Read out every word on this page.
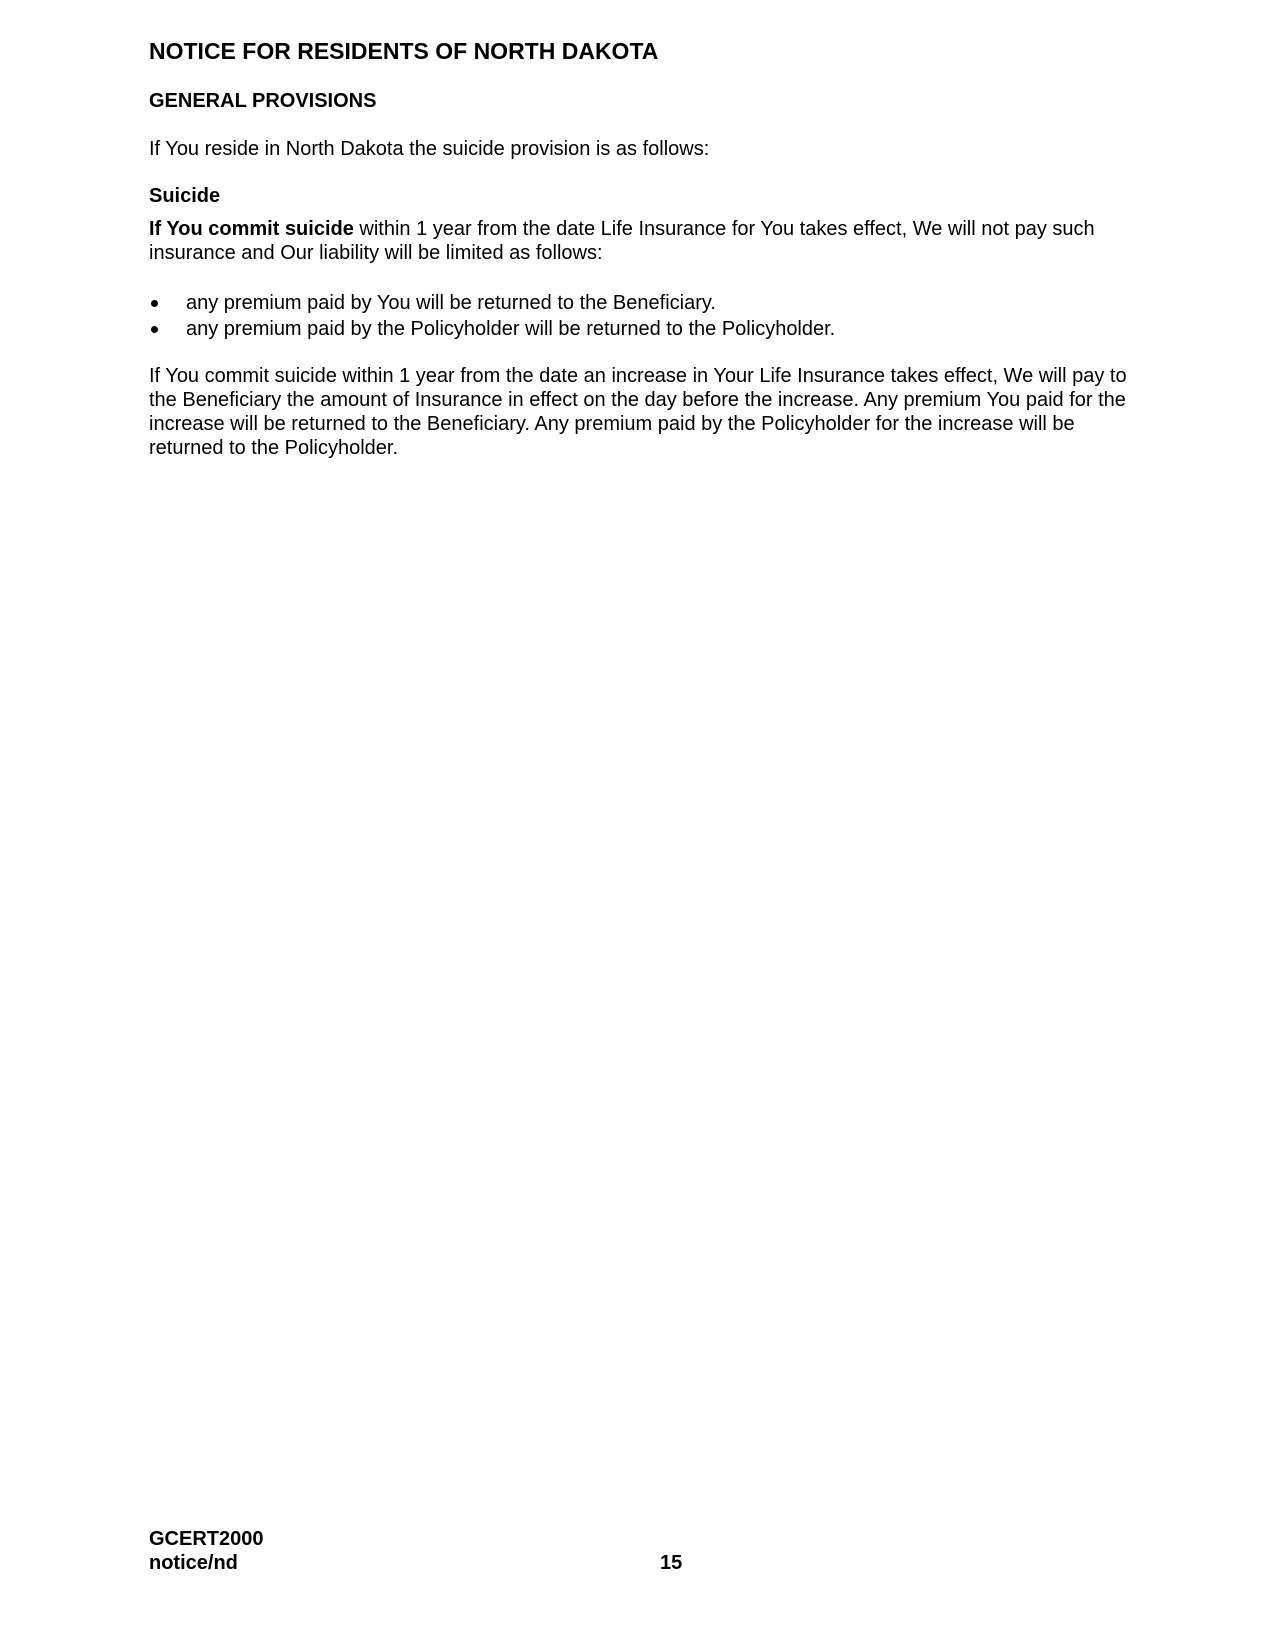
NOTICE FOR RESIDENTS OF NORTH DAKOTA
GENERAL PROVISIONS

If You reside in North Dakota the suicide provision is as follows:

Suicide

If You commit suicide within 1 year from the date Life Insurance for You takes effect, We will not pay such insurance and Our liability will be limited as follows:

any premium paid by You will be returned to the Beneficiary.
any premium paid by the Policyholder will be returned to the Policyholder.

If You commit suicide within 1 year from the date an increase in Your Life Insurance takes effect, We will pay to the Beneficiary the amount of Insurance in effect on the day before the increase. Any premium You paid for the increase will be returned to the Beneficiary. Any premium paid by the Policyholder for the increase will be returned to the Policyholder.

GCERT2000
notice/nd	15
